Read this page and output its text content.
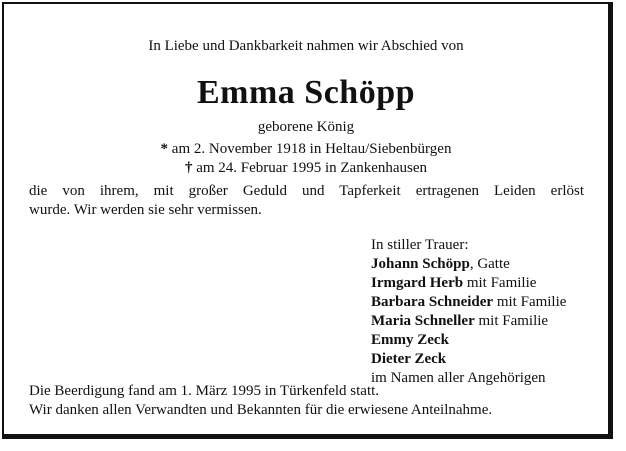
In Liebe und Dankbarkeit nahmen wir Abschied von
Emma Schöpp
geborene König
* am 2. November 1918 in Heltau/Siebenbürgen
† am 24. Februar 1995 in Zankenhausen
die von ihrem, mit großer Geduld und Tapferkeit ertragenen Leiden erlöst
wurde. Wir werden sie sehr vermissen.
In stiller Trauer:
Johann Schöpp, Gatte
Irmgard Herb mit Familie
Barbara Schneider mit Familie
Maria Schneller mit Familie
Emmy Zeck
Dieter Zeck
im Namen aller Angehörigen
Die Beerdigung fand am 1. März 1995 in Türkenfeld statt.
Wir danken allen Verwandten und Bekannten für die erwiesene Anteilnahme.
